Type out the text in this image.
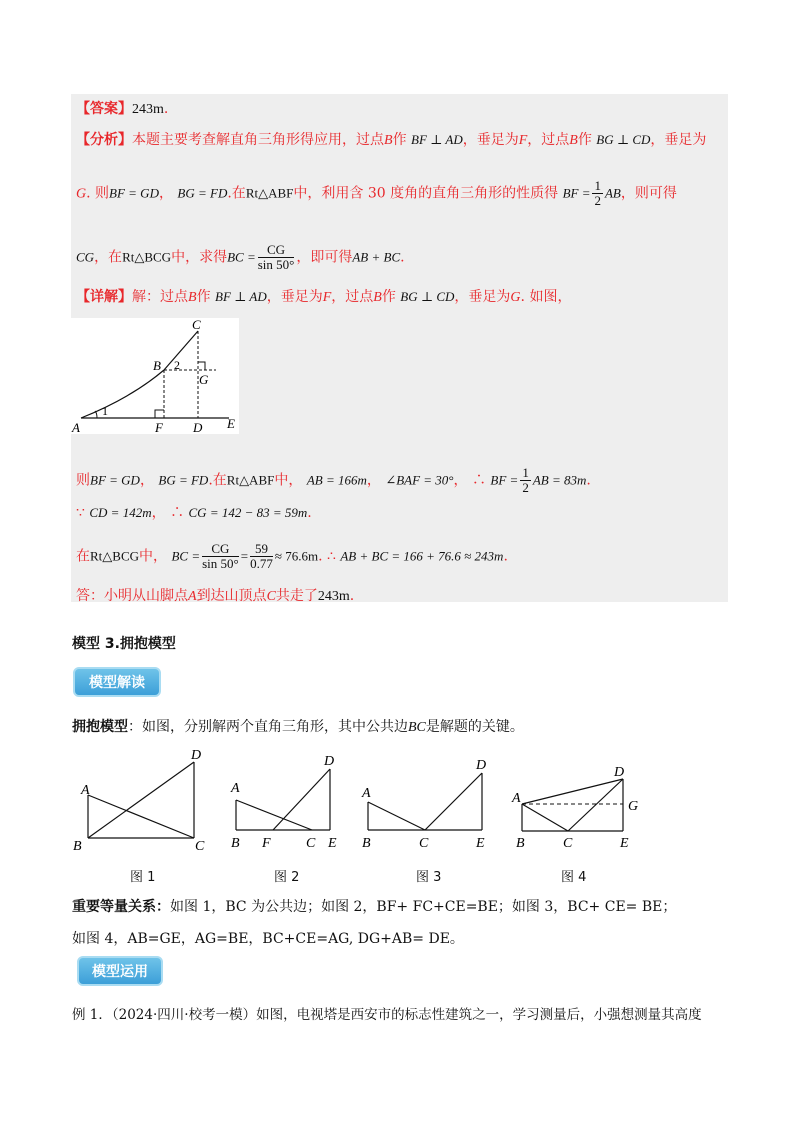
【答案】243m.
【分析】本题主要考查解直角三角形得应用，过点B作 BF ⊥ AD，垂足为F，过点B作 BG ⊥ CD，垂足为
G. 则BF = GD， BG = FD.在Rt△ABF中，利用含 30 度角的直角三角形的性质得 BF = $\frac{1}{2}$ AB，则可得
CG，在Rt△BCG中，求得BC = $\frac{CG}{\sin 50^\circ}$ ，即可得AB + BC.
【详解】解：过点B作 BF ⊥ AD，垂足为F，过点B作 BG ⊥ CD，垂足为G. 如图，
A
B
C
D E
F
G
1
2
则BF = GD， BG = FD.在Rt△ABF中， AB = 166m， ∠BAF = 30°， ∴ BF = $\frac{1}{2}$ AB = 83m.
∵ CD = 142m， ∴ CG = 142 − 83 = 59m.
在Rt△BCG中， BC = $\frac{CG}{\sin 50^\circ} = \frac{59}{0.77} \approx 76.6m$. ∴ AB + BC = 166 + 76.6 ≈ 243m.
答：小明从山脚点A到达山顶点C共走了243m.
模型 3.拥抱模型
模型解读
拥抱模型：如图，分别解两个直角三角形，其中公共边BC是解题的关键。
A
B	C
D
A
B F	C E
D
A
B	C	E
D
A
B	C	E
D
G
图 1	图 2	图 3	图 4
重要等量关系：如图 1，BC 为公共边；如图 2，BF+ FC+CE=BE；如图 3，BC+ CE= BE；
如图 4，AB=GE，AG=BE，BC+CE=AG, DG+AB= DE。
模型运用
例 1．（2024·四川·校考一模）如图，电视塔是西安市的标志性建筑之一，学习测量后，小强想测量其高度
